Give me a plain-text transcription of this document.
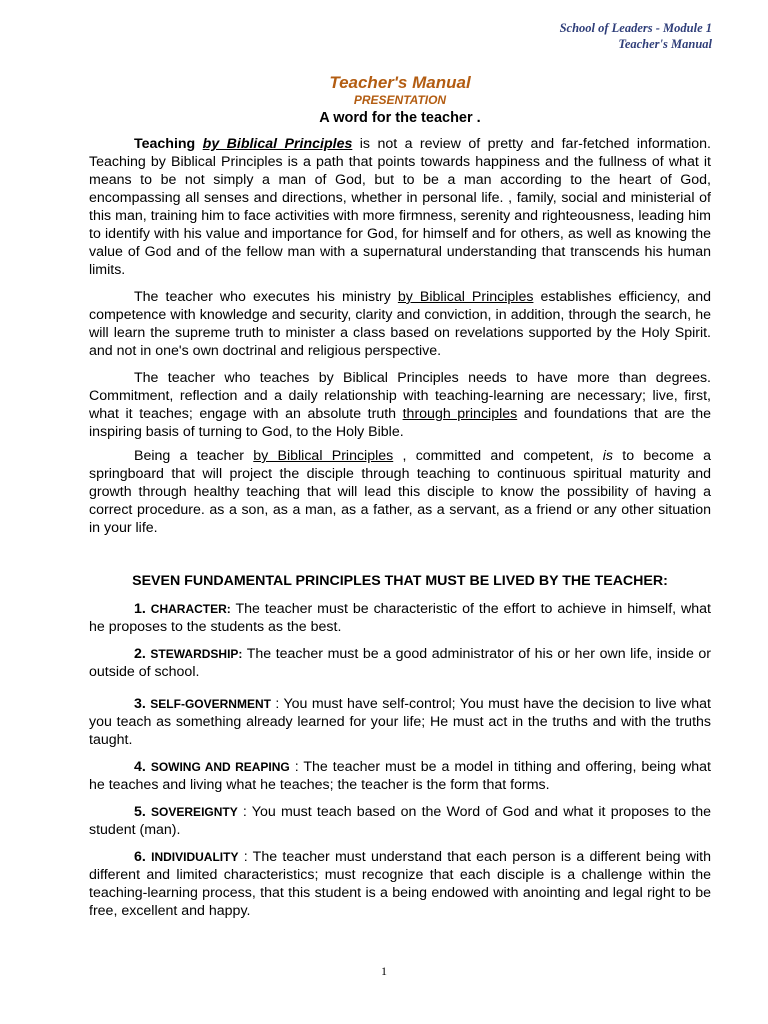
School of Leaders - Module 1
Teacher's Manual
Teacher's Manual
PRESENTATION
A word for the teacher .

Teaching by Biblical Principles is not a review of pretty and far-fetched information. Teaching by Biblical Principles is a path that points towards happiness and the fullness of what it means to be not simply a man of God, but to be a man according to the heart of God, encompassing all senses and directions, whether in personal life. , family, social and ministerial of this man, training him to face activities with more firmness, serenity and righteousness, leading him to identify with his value and importance for God, for himself and for others, as well as knowing the value of God and of the fellow man with a supernatural understanding that transcends his human limits.

The teacher who executes his ministry by Biblical Principles establishes efficiency, and competence with knowledge and security, clarity and conviction, in addition, through the search, he will learn the supreme truth to minister a class based on revelations supported by the Holy Spirit. and not in one's own doctrinal and religious perspective.

The teacher who teaches by Biblical Principles needs to have more than degrees. Commitment, reflection and a daily relationship with teaching-learning are necessary; live, first, what it teaches; engage with an absolute truth through principles and foundations that are the inspiring basis of turning to God, to the Holy Bible.

Being a teacher by Biblical Principles , committed and competent, is to become a springboard that will project the disciple through teaching to continuous spiritual maturity and growth through healthy teaching that will lead this disciple to know the possibility of having a correct procedure. as a son, as a man, as a father, as a servant, as a friend or any other situation in your life.

SEVEN FUNDAMENTAL PRINCIPLES THAT MUST BE LIVED BY THE TEACHER:

1. CHARACTER: The teacher must be characteristic of the effort to achieve in himself, what he proposes to the students as the best.

2. STEWARDSHIP: The teacher must be a good administrator of his or her own life, inside or outside of school.

3. SELF-GOVERNMENT : You must have self-control; You must have the decision to live what you teach as something already learned for your life; He must act in the truths and with the truths taught.

4. SOWING AND REAPING : The teacher must be a model in tithing and offering, being what he teaches and living what he teaches; the teacher is the form that forms.

5. SOVEREIGNTY : You must teach based on the Word of God and what it proposes to the student (man).

6. INDIVIDUALITY : The teacher must understand that each person is a different being with different and limited characteristics; must recognize that each disciple is a challenge within the teaching-learning process, that this student is a being endowed with anointing and legal right to be free, excellent and happy.

1
